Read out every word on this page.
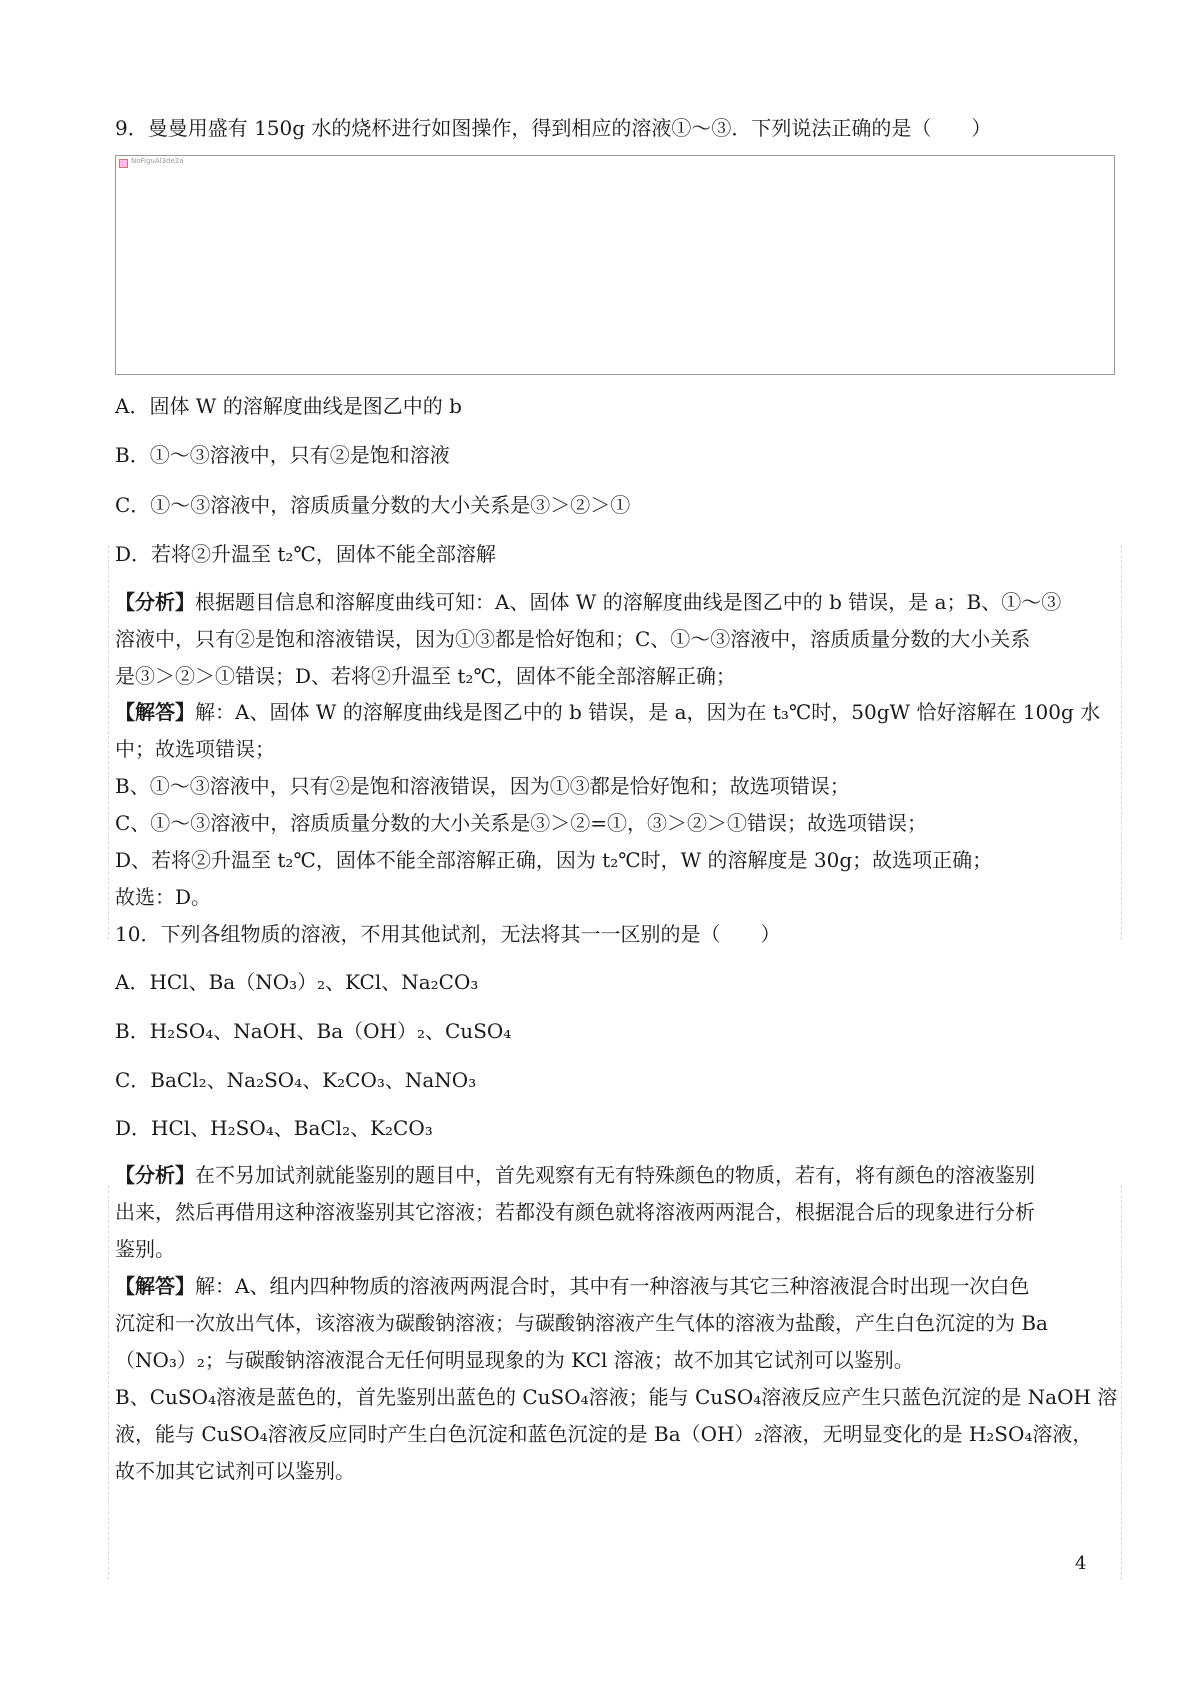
9．曼曼用盛有 150g 水的烧杯进行如图操作，得到相应的溶液①～③．下列说法正确的是（　　）
NoFiguAl3de2a
A．固体 W 的溶解度曲线是图乙中的 b
B．①～③溶液中，只有②是饱和溶液
C．①～③溶液中，溶质质量分数的大小关系是③＞②＞①
D．若将②升温至 t₂℃，固体不能全部溶解
【分析】根据题目信息和溶解度曲线可知：A、固体 W 的溶解度曲线是图乙中的 b 错误，是 a；B、①～③
溶液中，只有②是饱和溶液错误，因为①③都是恰好饱和；C、①～③溶液中，溶质质量分数的大小关系
是③＞②＞①错误；D、若将②升温至 t₂℃，固体不能全部溶解正确；
【解答】解：A、固体 W 的溶解度曲线是图乙中的 b 错误，是 a，因为在 t₃℃时，50gW 恰好溶解在 100g 水
中；故选项错误；
B、①～③溶液中，只有②是饱和溶液错误，因为①③都是恰好饱和；故选项错误；
C、①～③溶液中，溶质质量分数的大小关系是③＞②=①，③＞②＞①错误；故选项错误；
D、若将②升温至 t₂℃，固体不能全部溶解正确，因为 t₂℃时，W 的溶解度是 30g；故选项正确；
故选：D。
10．下列各组物质的溶液，不用其他试剂，无法将其一一区别的是（　　）
A．HCl、Ba（NO₃）₂、KCl、Na₂CO₃
B．H₂SO₄、NaOH、Ba（OH）₂、CuSO₄
C．BaCl₂、Na₂SO₄、K₂CO₃、NaNO₃
D．HCl、H₂SO₄、BaCl₂、K₂CO₃
【分析】在不另加试剂就能鉴别的题目中，首先观察有无有特殊颜色的物质，若有，将有颜色的溶液鉴别
出来，然后再借用这种溶液鉴别其它溶液；若都没有颜色就将溶液两两混合，根据混合后的现象进行分析
鉴别。
【解答】解：A、组内四种物质的溶液两两混合时，其中有一种溶液与其它三种溶液混合时出现一次白色
沉淀和一次放出气体，该溶液为碳酸钠溶液；与碳酸钠溶液产生气体的溶液为盐酸，产生白色沉淀的为 Ba
（NO₃）₂；与碳酸钠溶液混合无任何明显现象的为 KCl 溶液；故不加其它试剂可以鉴别。
B、CuSO₄溶液是蓝色的，首先鉴别出蓝色的 CuSO₄溶液；能与 CuSO₄溶液反应产生只蓝色沉淀的是 NaOH 溶
液，能与 CuSO₄溶液反应同时产生白色沉淀和蓝色沉淀的是 Ba（OH）₂溶液，无明显变化的是 H₂SO₄溶液，
故不加其它试剂可以鉴别。
4
